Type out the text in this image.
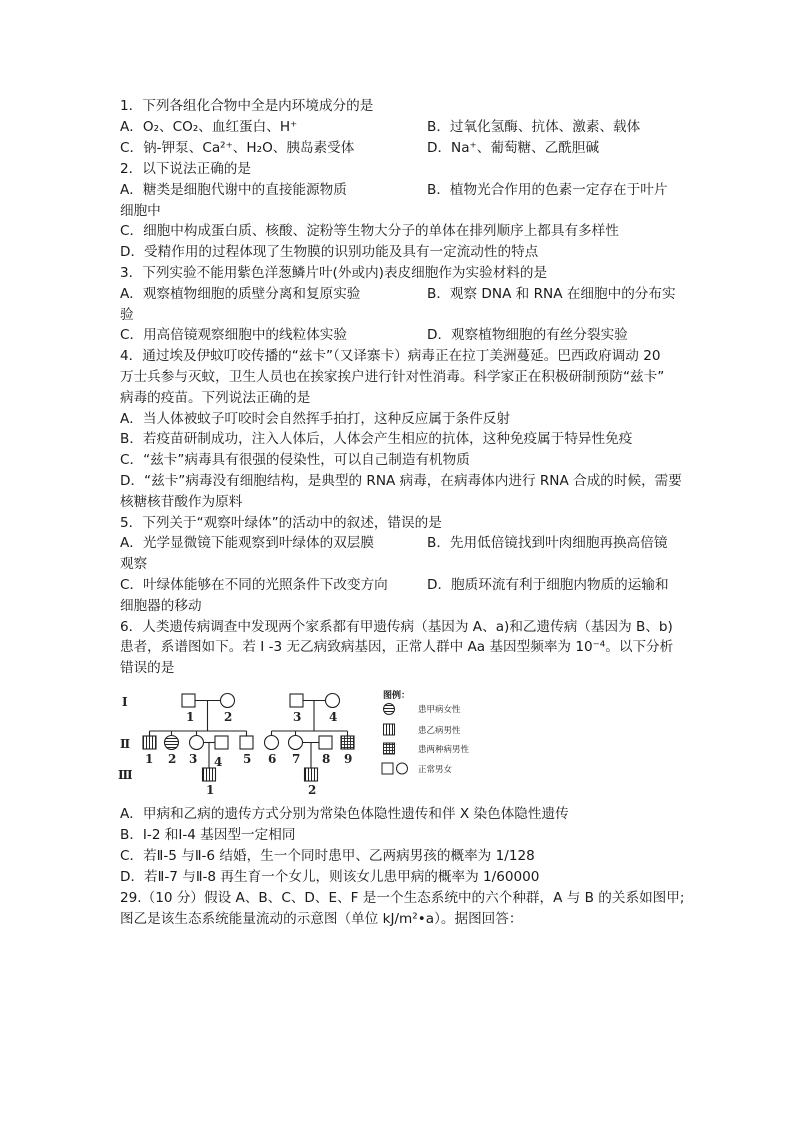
1．下列各组化合物中全是内环境成分的是
A．O₂、CO₂、血红蛋白、H⁺	B．过氧化氢酶、抗体、激素、载体
C．钠-钾泵、Ca²⁺、H₂O、胰岛素受体	D．Na⁺、葡萄糖、乙酰胆碱
2．以下说法正确的是
A．糖类是细胞代谢中的直接能源物质	B．植物光合作用的色素一定存在于叶片
细胞中
C．细胞中构成蛋白质、核酸、淀粉等生物大分子的单体在排列顺序上都具有多样性
D．受精作用的过程体现了生物膜的识别功能及具有一定流动性的特点
3．下列实验不能用紫色洋葱鳞片叶(外或内)表皮细胞作为实验材料的是
A．观察植物细胞的质壁分离和复原实验	B．观察 DNA 和 RNA 在细胞中的分布实
验
C．用高倍镜观察细胞中的线粒体实验	D．观察植物细胞的有丝分裂实验
4．通过埃及伊蚊叮咬传播的“兹卡”（又译寨卡）病毒正在拉丁美洲蔓延。巴西政府调动 20
万士兵参与灭蚊，卫生人员也在挨家挨户进行针对性消毒。科学家正在积极研制预防“兹卡”
病毒的疫苗。下列说法正确的是
A．当人体被蚊子叮咬时会自然挥手拍打，这种反应属于条件反射
B．若疫苗研制成功，注入人体后，人体会产生相应的抗体，这种免疫属于特异性免疫
C．“兹卡”病毒具有很强的侵染性，可以自己制造有机物质
D．“兹卡”病毒没有细胞结构，是典型的 RNA 病毒，在病毒体内进行 RNA 合成的时候，需要
核糖核苷酸作为原料
5．下列关于“观察叶绿体”的活动中的叙述，错误的是
A．光学显微镜下能观察到叶绿体的双层膜	B．先用低倍镜找到叶肉细胞再换高倍镜
观察
C．叶绿体能够在不同的光照条件下改变方向	D．胞质环流有利于细胞内物质的运输和
细胞器的移动
6．人类遗传病调查中发现两个家系都有甲遗传病（基因为 A、a)和乙遗传病（基因为 B、b)
患者，系谱图如下。若 I -3 无乙病致病基因，正常人群中 Aa 基因型频率为 10⁻⁴。以下分析
错误的是
Ⅰ
Ⅱ
Ⅲ
1 2	3 4
1 2 3 4 5 6 7 8 9
1	2
图例：
患甲病女性
患乙病男性
患两种病男性
正常男女
A．甲病和乙病的遗传方式分别为常染色体隐性遗传和伴 X 染色体隐性遗传
B．Ⅰ-2 和Ⅰ-4 基因型一定相同
C．若Ⅱ-5 与Ⅱ-6 结婚，生一个同时患甲、乙两病男孩的概率为 1/128
D．若Ⅱ-7 与Ⅱ-8 再生育一个女儿，则该女儿患甲病的概率为 1/60000
29.（10 分）假设 A、B、C、D、E、F 是一个生态系统中的六个种群，A 与 B 的关系如图甲;
图乙是该生态系统能量流动的示意图（单位 kJ/m²•a）。据图回答：
